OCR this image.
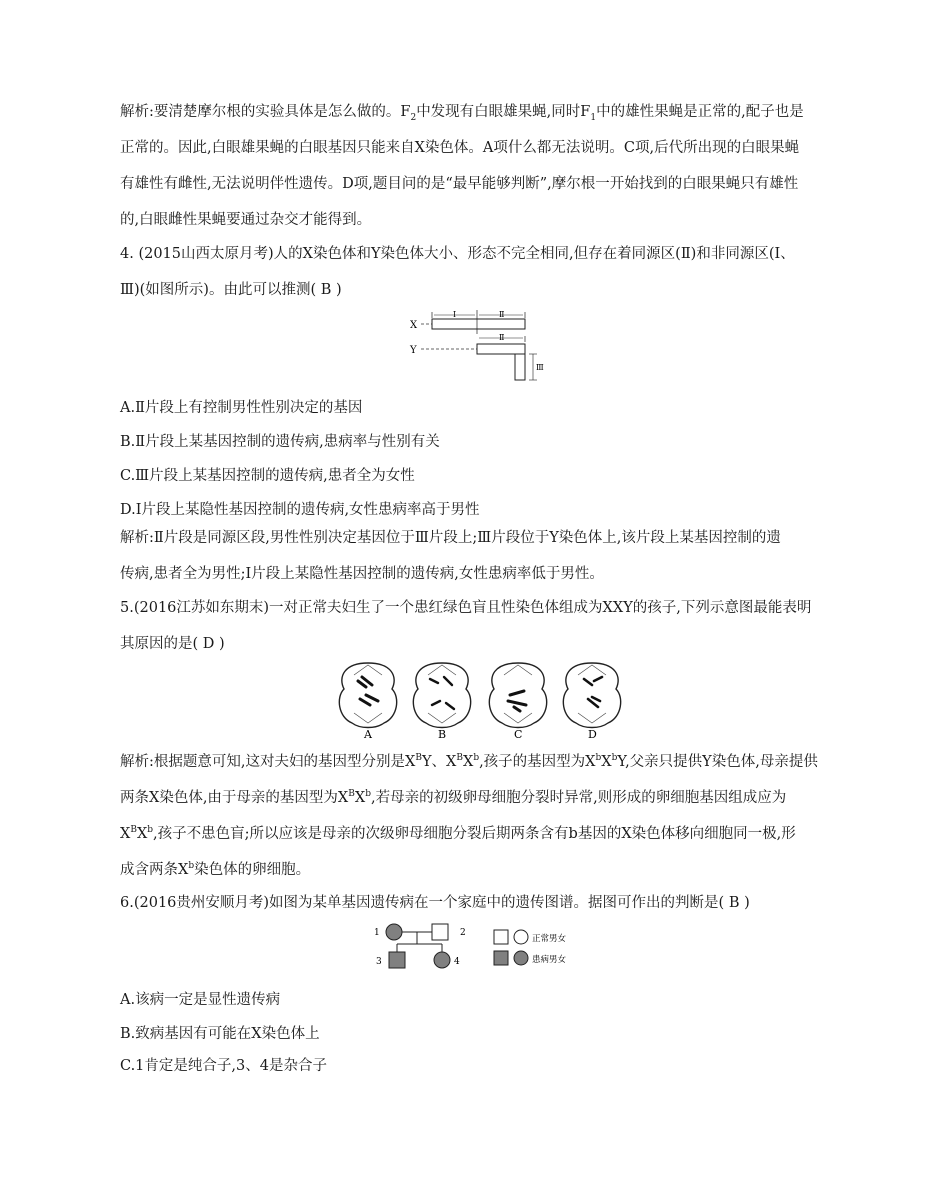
解析:要清楚摩尔根的实验具体是怎么做的。$F_2$中发现有白眼雄果蝇,同时$F_1$中的雄性果蝇是正常的,配子也是
正常的。因此,白眼雄果蝇的白眼基因只能来自X染色体。A项什么都无法说明。C项,后代所出现的白眼果蝇
有雄性有雌性,无法说明伴性遗传。D项,题目问的是“最早能够判断”,摩尔根一开始找到的白眼果蝇只有雄性
的,白眼雌性果蝇要通过杂交才能得到。
4. (2015山西太原月考)人的X染色体和Y染色体大小、形态不完全相同,但存在着同源区(Ⅱ)和非同源区(Ⅰ、
Ⅲ)(如图所示)。由此可以推测( B )
X
Ⅰ	Ⅱ
Y
Ⅱ
Ⅲ
A.Ⅱ片段上有控制男性性别决定的基因
B.Ⅱ片段上某基因控制的遗传病,患病率与性别有关
C.Ⅲ片段上某基因控制的遗传病,患者全为女性
D.Ⅰ片段上某隐性基因控制的遗传病,女性患病率高于男性
解析:Ⅱ片段是同源区段,男性性别决定基因位于Ⅲ片段上;Ⅲ片段位于Y染色体上,该片段上某基因控制的遗
传病,患者全为男性;Ⅰ片段上某隐性基因控制的遗传病,女性患病率低于男性。
5.(2016江苏如东期末)一对正常夫妇生了一个患红绿色盲且性染色体组成为XXY的孩子,下列示意图最能表明
其原因的是( D )
A	B	C	D
解析:根据题意可知,这对夫妇的基因型分别是$X^BY$、$X^BX^b$,孩子的基因型为$X^bX^bY$,父亲只提供Y染色体,母亲提供
两条X染色体,由于母亲的基因型为$X^BX^b$,若母亲的初级卵母细胞分裂时异常,则形成的卵细胞基因组成应为
$X^BX^b$,孩子不患色盲;所以应该是母亲的次级卵母细胞分裂后期两条含有b基因的X染色体移向细胞同一极,形
成含两条$X^b$染色体的卵细胞。
6.(2016贵州安顺月考)如图为某单基因遗传病在一个家庭中的遗传图谱。据图可作出的判断是( B )
1	2
3	4
正常男女
患病男女
A.该病一定是显性遗传病
B.致病基因有可能在X染色体上
C.1肯定是纯合子,3、4是杂合子
